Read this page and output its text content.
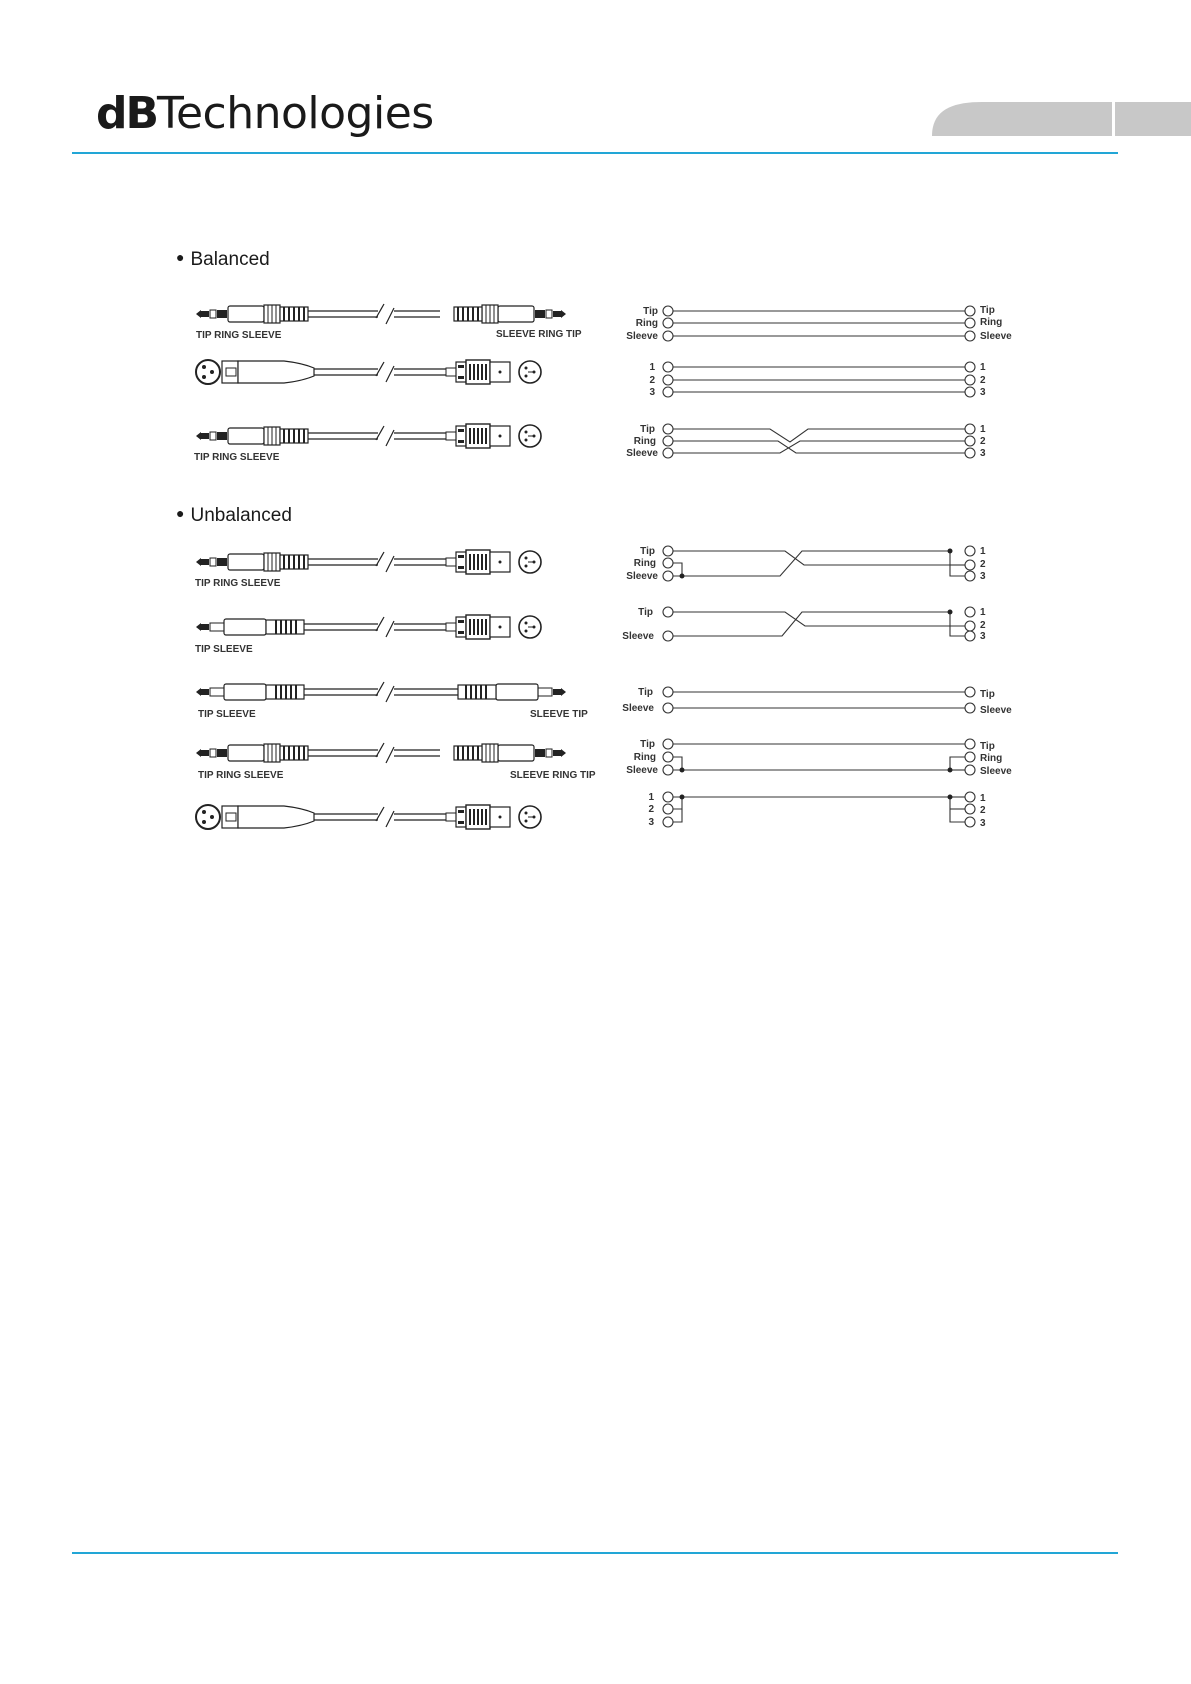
dBTechnologies
● Balanced
● Unbalanced
TIP RING SLEEVE	SLEEVE RING TIP
TIP RING SLEEVE
TIP RING SLEEVE
TIP SLEEVE
TIP SLEEVE	SLEEVE TIP
TIP RING SLEEVE	SLEEVE RING TIP
Tip
Ring
Sleeve
1
2
3
Tip
Ring
Sleeve
Tip
Ring
Sleeve
Tip
Sleeve
Tip
Sleeve
Tip
Ring
Sleeve
1
2
3
Tip
Ring
Sleeve
1
2
3
1
2
3
1
2
3
1
2
3
Tip
Sleeve
Tip
Ring
Sleeve
1
2
3
